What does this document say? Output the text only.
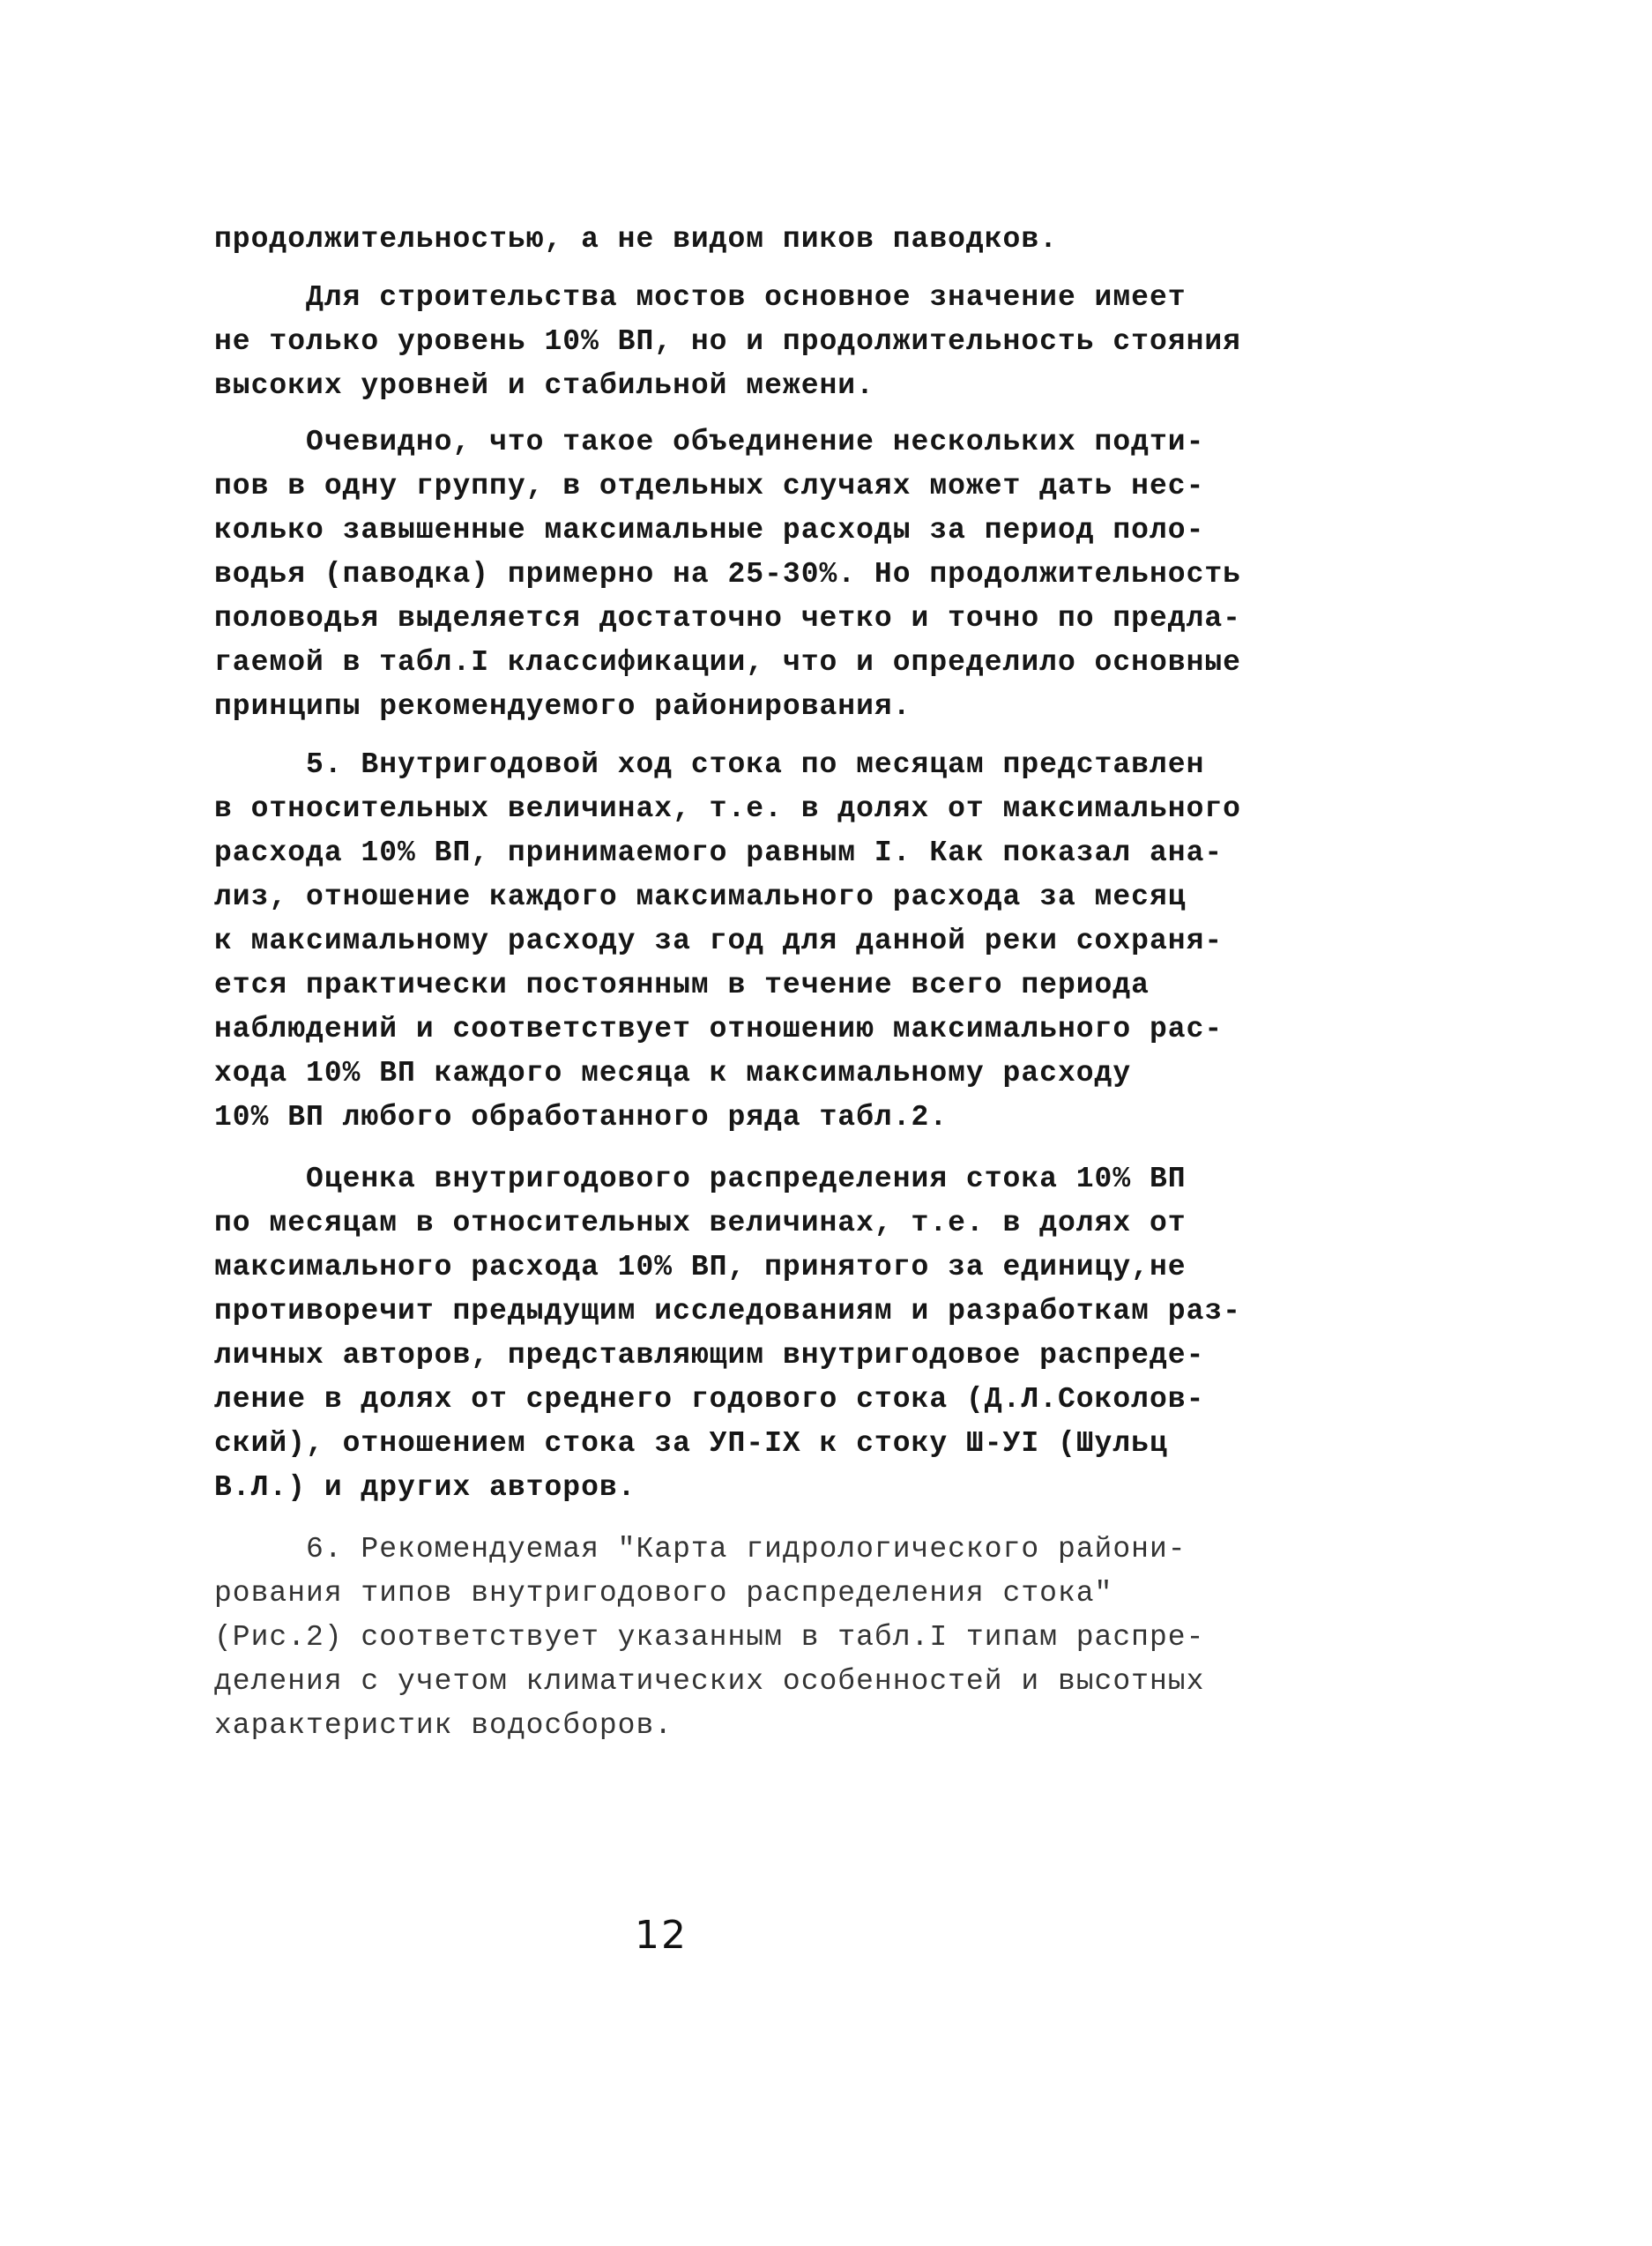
продолжительностью, а не видом пиков паводков.
Для строительства мостов основное значение имеет
не только уровень 10% ВП, но и продолжительность стояния
высоких уровней и стабильной межени.
Очевидно, что такое объединение нескольких подти-
пов в одну группу, в отдельных случаях может дать нес-
колько завышенные максимальные расходы за период поло-
водья (паводка) примерно на 25-30%. Но продолжительность
половодья выделяется достаточно четко и точно по предла-
гаемой в табл.I классификации, что и определило основные
принципы рекомендуемого районирования.
5. Внутригодовой ход стока по месяцам представлен
в относительных величинах, т.е. в долях от максимального
расхода 10% ВП, принимаемого равным I. Как показал ана-
лиз, отношение каждого максимального расхода за месяц
к максимальному расходу за год для данной реки сохраня-
ется практически постоянным в течение всего периода
наблюдений и соответствует отношению максимального рас-
хода 10% ВП каждого месяца к максимальному расходу
10% ВП любого обработанного ряда табл.2.
Оценка внутригодового распределения стока 10% ВП
по месяцам в относительных величинах, т.е. в долях от
максимального расхода 10% ВП, принятого за единицу,не
противоречит предыдущим исследованиям и разработкам раз-
личных авторов, представляющим внутригодовое распреде-
ление в долях от среднего годового стока (Д.Л.Соколов-
ский), отношением стока за УП-IX к стоку Ш-УI (Шульц
В.Л.) и других авторов.
6. Рекомендуемая "Карта гидрологического райони-
рования типов внутригодового распределения стока"
(Рис.2) соответствует указанным в табл.I типам распре-
деления с учетом климатических особенностей и высотных
характеристик водосборов.
12
